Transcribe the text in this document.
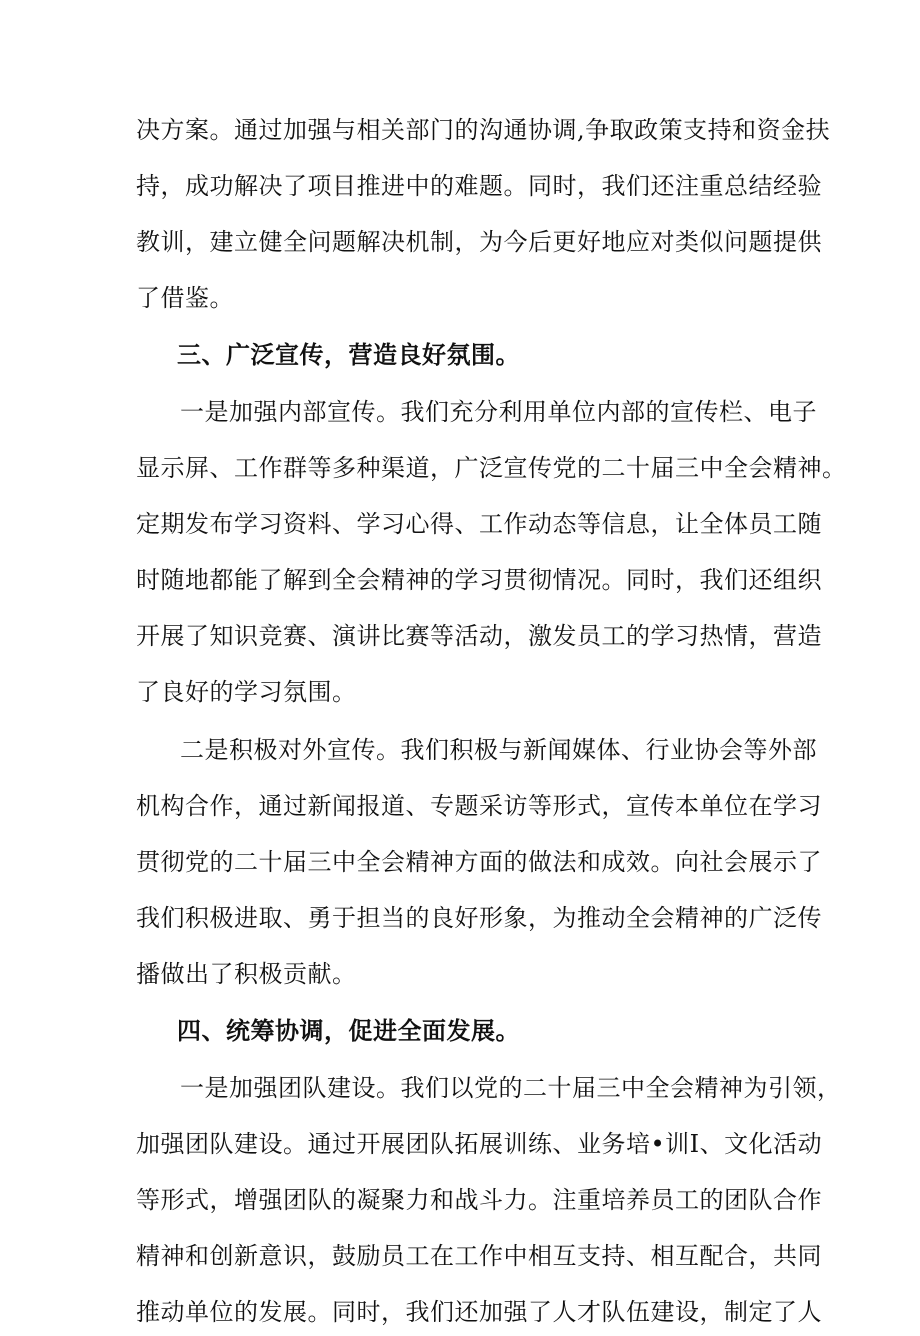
决方案。通过加强与相关部门的沟通协调,争取政策支持和资金扶
持，成功解决了项目推进中的难题。同时，我们还注重总结经验
教训，建立健全问题解决机制，为今后更好地应对类似问题提供
了借鉴。
三、广泛宣传，营造良好氛围。
一是加强内部宣传。我们充分利用单位内部的宣传栏、电子
显示屏、工作群等多种渠道，广泛宣传党的二十届三中全会精神。
定期发布学习资料、学习心得、工作动态等信息，让全体员工随
时随地都能了解到全会精神的学习贯彻情况。同时，我们还组织
开展了知识竞赛、演讲比赛等活动，激发员工的学习热情，营造
了良好的学习氛围。
二是积极对外宣传。我们积极与新闻媒体、行业协会等外部
机构合作，通过新闻报道、专题采访等形式，宣传本单位在学习
贯彻党的二十届三中全会精神方面的做法和成效。向社会展示了
我们积极进取、勇于担当的良好形象，为推动全会精神的广泛传
播做出了积极贡献。
四、统筹协调，促进全面发展。
一是加强团队建设。我们以党的二十届三中全会精神为引领，
加强团队建设。通过开展团队拓展训练、业务培•训I、文化活动
等形式，增强团队的凝聚力和战斗力。注重培养员工的团队合作
精神和创新意识，鼓励员工在工作中相互支持、相互配合，共同
推动单位的发展。同时，我们还加强了人才队伍建设，制定了人
